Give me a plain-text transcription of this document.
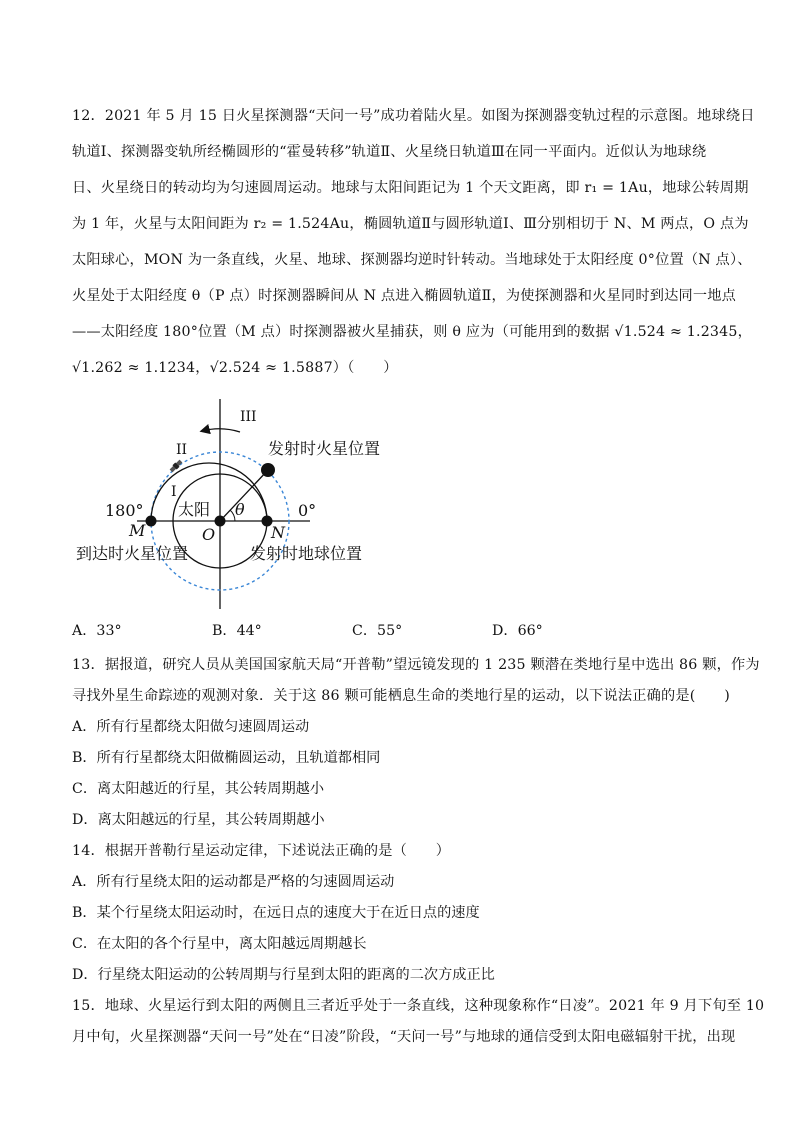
12．2021 年 5 月 15 日火星探测器“天问一号”成功着陆火星。如图为探测器变轨过程的示意图。地球绕日
轨道Ⅰ、探测器变轨所经椭圆形的“霍曼转移”轨道Ⅱ、火星绕日轨道Ⅲ在同一平面内。近似认为地球绕
日、火星绕日的转动均为匀速圆周运动。地球与太阳间距记为 1 个天文距离，即 r₁ = 1Au，地球公转周期
为 1 年，火星与太阳间距为 r₂ = 1.524Au，椭圆轨道Ⅱ与圆形轨道Ⅰ、Ⅲ分别相切于 N、M 两点，O 点为
太阳球心，MON 为一条直线，火星、地球、探测器均逆时针转动。当地球处于太阳经度 0°位置（N 点）、
火星处于太阳经度 θ（P 点）时探测器瞬间从 N 点进入椭圆轨道Ⅱ，为使探测器和火星同时到达同一地点
——太阳经度 180°位置（M 点）时探测器被火星捕获，则 θ 应为（可能用到的数据 √1.524 ≈ 1.2345，
√1.262 ≈ 1.1234，√2.524 ≈ 1.5887）（　　）
III
II
I
太阳 θ
180°	0°
M	O	N
发射时火星位置
到达时火星位置	发射时地球位置
A．33°	B．44°	C．55°	D．66°
13．据报道，研究人员从美国国家航天局“开普勒”望远镜发现的 1 235 颗潜在类地行星中选出 86 颗，作为
寻找外星生命踪迹的观测对象．关于这 86 颗可能栖息生命的类地行星的运动，以下说法正确的是(　　)
A．所有行星都绕太阳做匀速圆周运动
B．所有行星都绕太阳做椭圆运动，且轨道都相同
C．离太阳越近的行星，其公转周期越小
D．离太阳越远的行星，其公转周期越小
14．根据开普勒行星运动定律，下述说法正确的是（　　）
A．所有行星绕太阳的运动都是严格的匀速圆周运动
B．某个行星绕太阳运动时，在远日点的速度大于在近日点的速度
C．在太阳的各个行星中，离太阳越远周期越长
D．行星绕太阳运动的公转周期与行星到太阳的距离的二次方成正比
15．地球、火星运行到太阳的两侧且三者近乎处于一条直线，这种现象称作“日凌”。2021 年 9 月下旬至 10
月中旬，火星探测器“天问一号”处在“日凌”阶段，“天问一号”与地球的通信受到太阳电磁辐射干扰，出现
